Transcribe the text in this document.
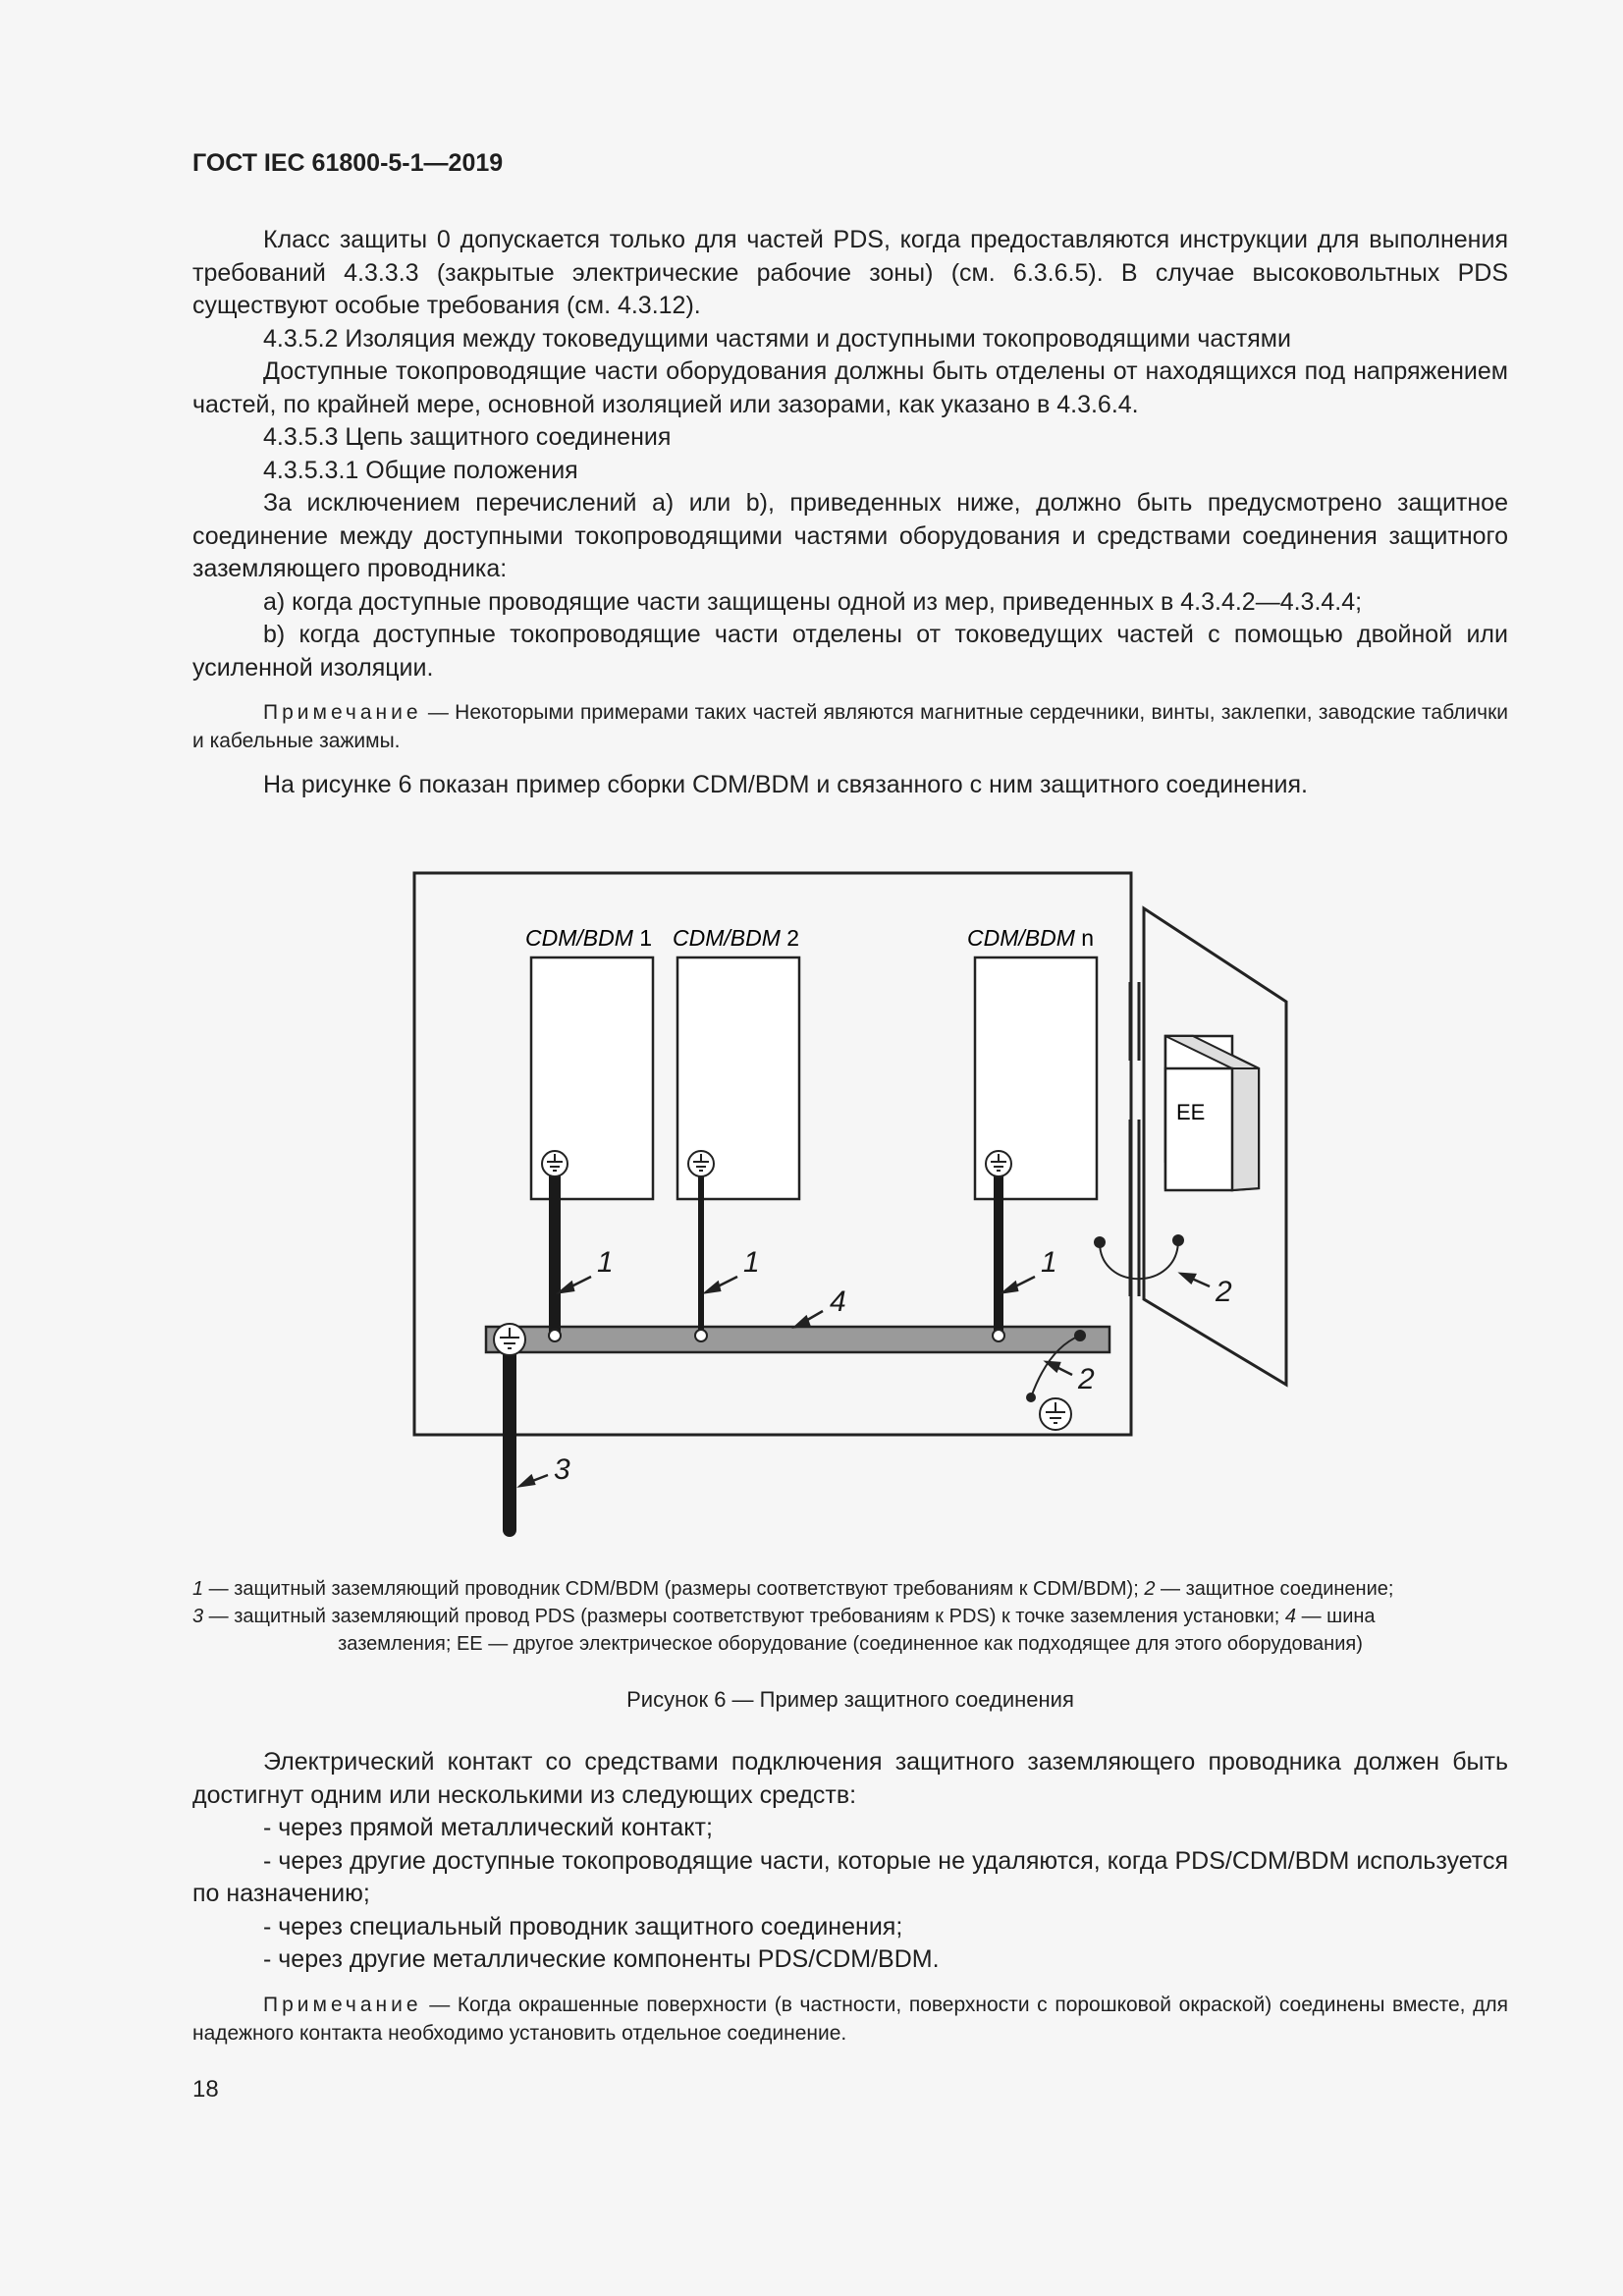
ГОСТ IEC 61800-5-1—2019

Класс защиты 0 допускается только для частей PDS, когда предоставляются инструкции для выполнения требований 4.3.3.3 (закрытые электрические рабочие зоны) (см. 6.3.6.5). В случае высоковольтных PDS существуют особые требования (см. 4.3.12).

4.3.5.2 Изоляция между токоведущими частями и доступными токопроводящими частями

Доступные токопроводящие части оборудования должны быть отделены от находящихся под напряжением частей, по крайней мере, основной изоляцией или зазорами, как указано в 4.3.6.4.

4.3.5.3 Цепь защитного соединения

4.3.5.3.1 Общие положения

За исключением перечислений а) или b), приведенных ниже, должно быть предусмотрено защитное соединение между доступными токопроводящими частями оборудования и средствами соединения защитного заземляющего проводника:

а) когда доступные проводящие части защищены одной из мер, приведенных в 4.3.4.2—4.3.4.4;

b) когда доступные токопроводящие части отделены от токоведущих частей с помощью двойной или усиленной изоляции.

Примечание — Некоторыми примерами таких частей являются магнитные сердечники, винты, заклепки, заводские таблички и кабельные зажимы.

На рисунке 6 показан пример сборки CDM/BDM и связанного с ним защитного соединения.

EE
CDM/BDM 1 CDM/BDM 2	CDM/BDM n
1	1	1
4	2
2
3
1 — защитный заземляющий проводник CDM/BDM (размеры соответствуют требованиям к CDM/BDM); 2 — защитное соединение;
3 — защитный заземляющий провод PDS (размеры соответствуют требованиям к PDS) к точке заземления установки; 4 — шина
заземления; EE — другое электрическое оборудование (соединенное как подходящее для этого оборудования)
Рисунок 6 — Пример защитного соединения

Электрический контакт со средствами подключения защитного заземляющего проводника должен быть достигнут одним или несколькими из следующих средств:

- через прямой металлический контакт;

- через другие доступные токопроводящие части, которые не удаляются, когда PDS/CDM/BDM используется по назначению;

- через специальный проводник защитного соединения;

- через другие металлические компоненты PDS/CDM/BDM.

Примечание — Когда окрашенные поверхности (в частности, поверхности с порошковой окраской) соединены вместе, для надежного контакта необходимо установить отдельное соединение.

18
